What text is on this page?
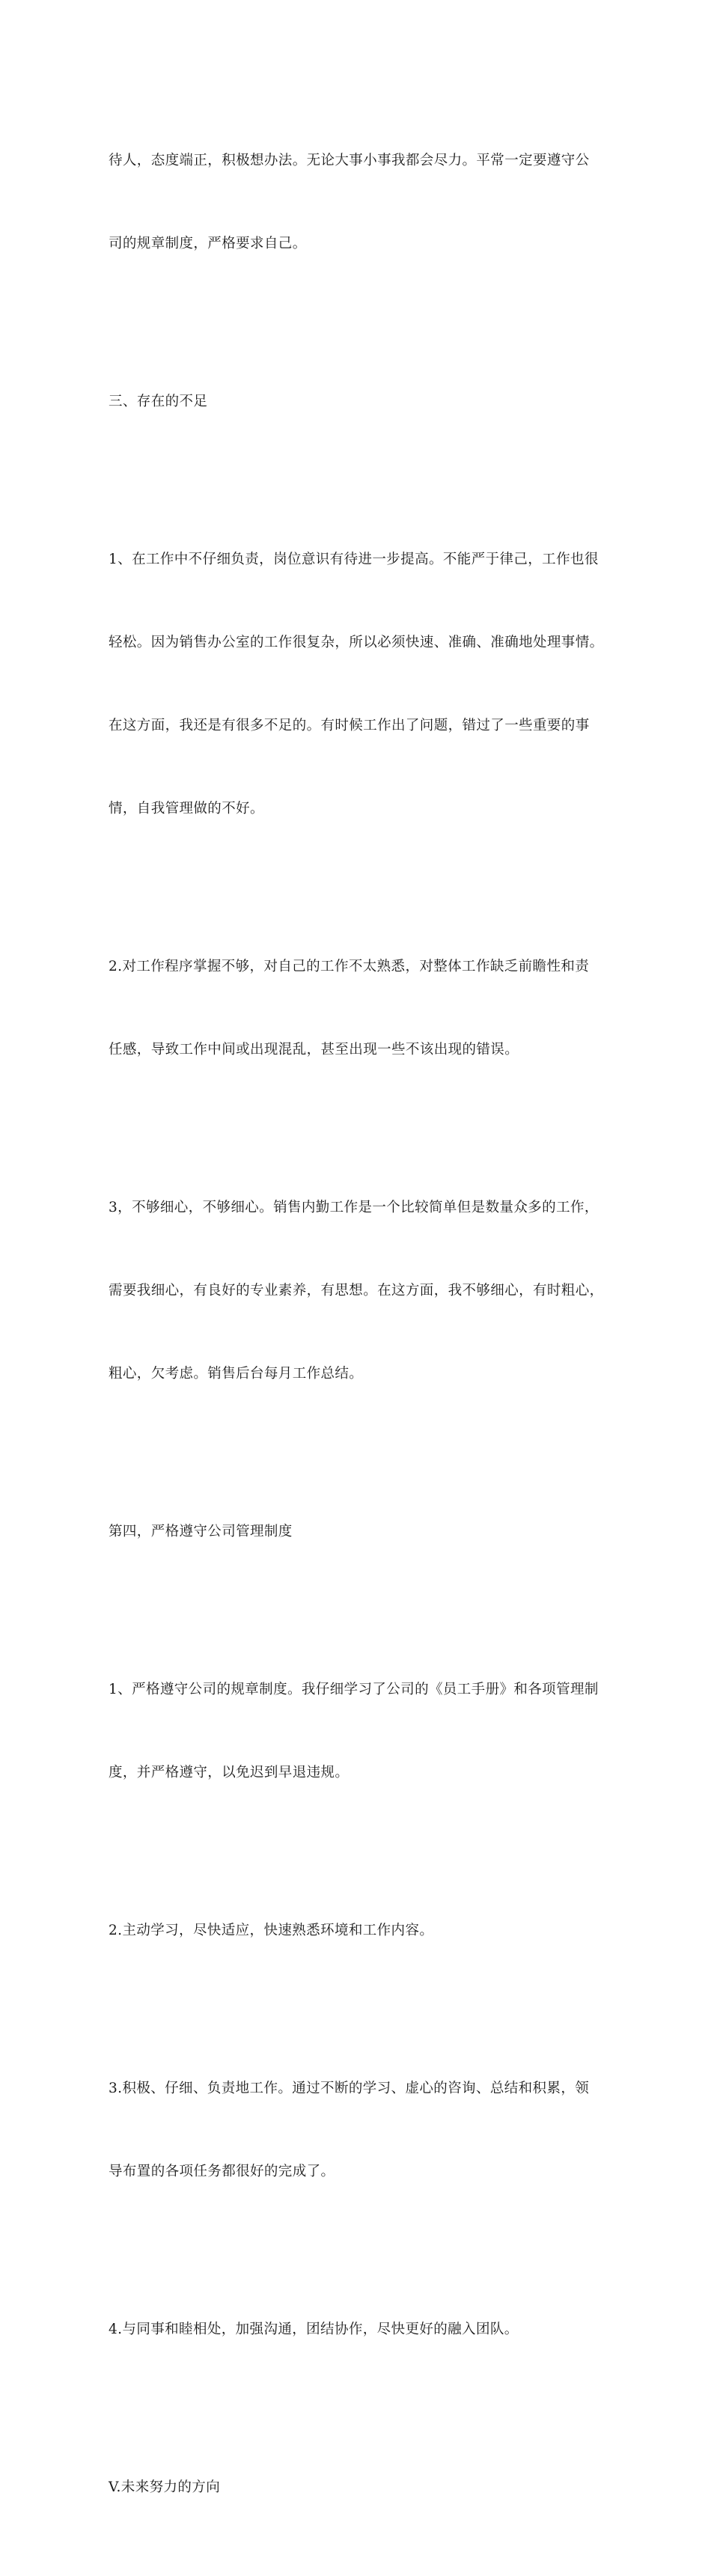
待人，态度端正，积极想办法。无论大事小事我都会尽力。平常一定要遵守公

司的规章制度，严格要求自己。

三、存在的不足

1、在工作中不仔细负责，岗位意识有待进一步提高。不能严于律己，工作也很

轻松。因为销售办公室的工作很复杂，所以必须快速、准确、准确地处理事情。

在这方面，我还是有很多不足的。有时候工作出了问题，错过了一些重要的事

情，自我管理做的不好。

2.对工作程序掌握不够，对自己的工作不太熟悉，对整体工作缺乏前瞻性和责

任感，导致工作中间或出现混乱，甚至出现一些不该出现的错误。

3，不够细心，不够细心。销售内勤工作是一个比较简单但是数量众多的工作，

需要我细心，有良好的专业素养，有思想。在这方面，我不够细心，有时粗心，

粗心，欠考虑。销售后台每月工作总结。

第四，严格遵守公司管理制度

1、严格遵守公司的规章制度。我仔细学习了公司的《员工手册》和各项管理制

度，并严格遵守，以免迟到早退违规。

2.主动学习，尽快适应，快速熟悉环境和工作内容。

3.积极、仔细、负责地工作。通过不断的学习、虚心的咨询、总结和积累，领

导布置的各项任务都很好的完成了。

4.与同事和睦相处，加强沟通，团结协作，尽快更好的融入团队。

V.未来努力的方向
